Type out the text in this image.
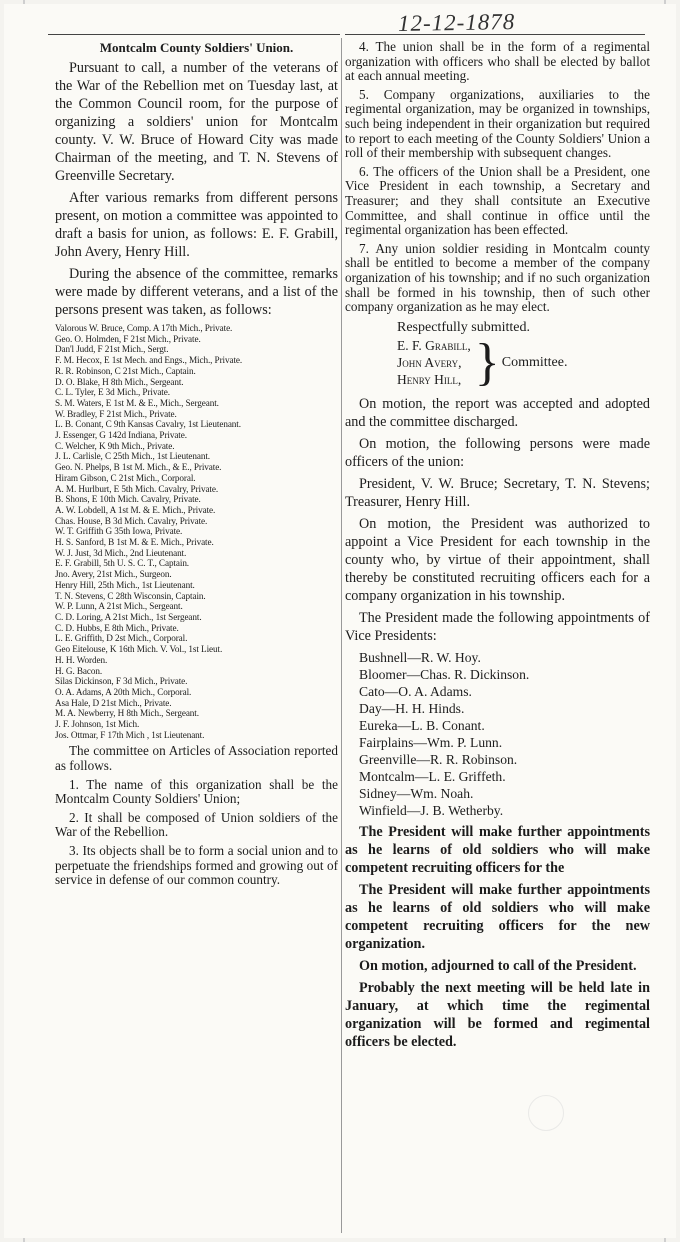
12-12-1878
Montcalm County Soldiers' Union.

Pursuant to call, a number of the veterans of the War of the Rebellion met on Tuesday last, at the Common Council room, for the purpose of organizing a soldiers' union for Montcalm county. V. W. Bruce of Howard City was made Chairman of the meeting, and T. N. Stevens of Greenville Secretary.

After various remarks from different persons present, on motion a committee was appointed to draft a basis for union, as follows: E. F. Grabill, John Avery, Henry Hill.

During the absence of the committee, remarks were made by different veterans, and a list of the persons present was taken, as follows:

Valorous W. Bruce, Comp. A 17th Mich., Private.
Geo. O. Holmden, F 21st Mich., Private.
Dan'l Judd, F 21st Mich., Sergt.
F. M. Hecox, E 1st Mech. and Engs., Mich., Private.
R. R. Robinson, C 21st Mich., Captain.
D. O. Blake, H 8th Mich., Sergeant.
C. L. Tyler, E 3d Mich., Private.
S. M. Waters, E 1st M. & E., Mich., Sergeant.
W. Bradley, F 21st Mich., Private.
L. B. Conant, C 9th Kansas Cavalry, 1st Lieutenant.
J. Essenger, G 142d Indiana, Private.
C. Welcher, K 9th Mich., Private.
J. L. Carlisle, C 25th Mich., 1st Lieutenant.
Geo. N. Phelps, B 1st M. Mich., & E., Private.
Hiram Gibson, C 21st Mich., Corporal.
A. M. Hurlburt, E 5th Mich. Cavalry, Private.
B. Shons, E 10th Mich. Cavalry, Private.
A. W. Lobdell, A 1st M. & E. Mich., Private.
Chas. House, B 3d Mich. Cavalry, Private.
W. T. Griffith G 35th Iowa, Private.
H. S. Sanford, B 1st M. & E. Mich., Private.
W. J. Just, 3d Mich., 2nd Lieutenant.
E. F. Grabill, 5th U. S. C. T., Captain.
Jno. Avery, 21st Mich., Surgeon.
Henry Hill, 25th Mich., 1st Lieutenant.
T. N. Stevens, C 28th Wisconsin, Captain.
W. P. Lunn, A 21st Mich., Sergeant.
C. D. Loring, A 21st Mich., 1st Sergeant.
C. D. Hubbs, E 8th Mich., Private.
L. E. Griffith, D 2st Mich., Corporal.
Geo Eitelouse, K 16th Mich. V. Vol., 1st Lieut.
H. H. Worden.
H. G. Bacon.
Silas Dickinson, F 3d Mich., Private.
O. A. Adams, A 20th Mich., Corporal.
Asa Hale, D 21st Mich., Private.
M. A. Newberry, H 8th Mich., Sergeant.
J. F. Johnson, 1st Mich.
Jos. Ottmar, F 17th Mich , 1st Lieutenant.

The committee on Articles of Association reported as follows.

1. The name of this organization shall be the Montcalm County Soldiers' Union;

2. It shall be composed of Union soldiers of the War of the Rebellion.

3. Its objects shall be to form a social union and to perpetuate the friendships formed and growing out of service in defense of our common country.

4. The union shall be in the form of a regimental organization with officers who shall be elected by ballot at each annual meeting.

5. Company organizations, auxiliaries to the regimental organization, may be organized in townships, such being independent in their organization but required to report to each meeting of the County Soldiers' Union a roll of their membership with subsequent changes.

6. The officers of the Union shall be a President, one Vice President in each township, a Secretary and Treasurer; and they shall contsitute an Executive Committee, and shall continue in office until the regimental organization has been effected.

7. Any union soldier residing in Montcalm county shall be entitled to become a member of the company organization of his township; and if no such organization shall be formed in his township, then of such other company organization as he may elect.

Respectfully submitted.
E. F. Grabill,
John Avery,
Henry Hill, } Committee.

On motion, the report was accepted and adopted and the committee discharged.

On motion, the following persons were made officers of the union:

President, V. W. Bruce; Secretary, T. N. Stevens; Treasurer, Henry Hill.

On motion, the President was authorized to appoint a Vice President for each township in the county who, by virtue of their appointment, shall thereby be constituted recruiting officers each for a company organization in his township.

The President made the following appointments of Vice Presidents:

Bushnell—R. W. Hoy.
Bloomer—Chas. R. Dickinson.
Cato—O. A. Adams.
Day—H. H. Hinds.
Eureka—L. B. Conant.
Fairplains—Wm. P. Lunn.
Greenville—R. R. Robinson.
Montcalm—L. E. Griffeth.
Sidney—Wm. Noah.
Winfield—J. B. Wetherby.

The President will make further appointments as he learns of old soldiers who will make competent recruiting officers for the

The President will make further appointments as he learns of old soldiers who will make competent recruiting officers for the new organization.

On motion, adjourned to call of the President.

Probably the next meeting will be held late in January, at which time the regimental organization will be formed and regimental officers be elected.
